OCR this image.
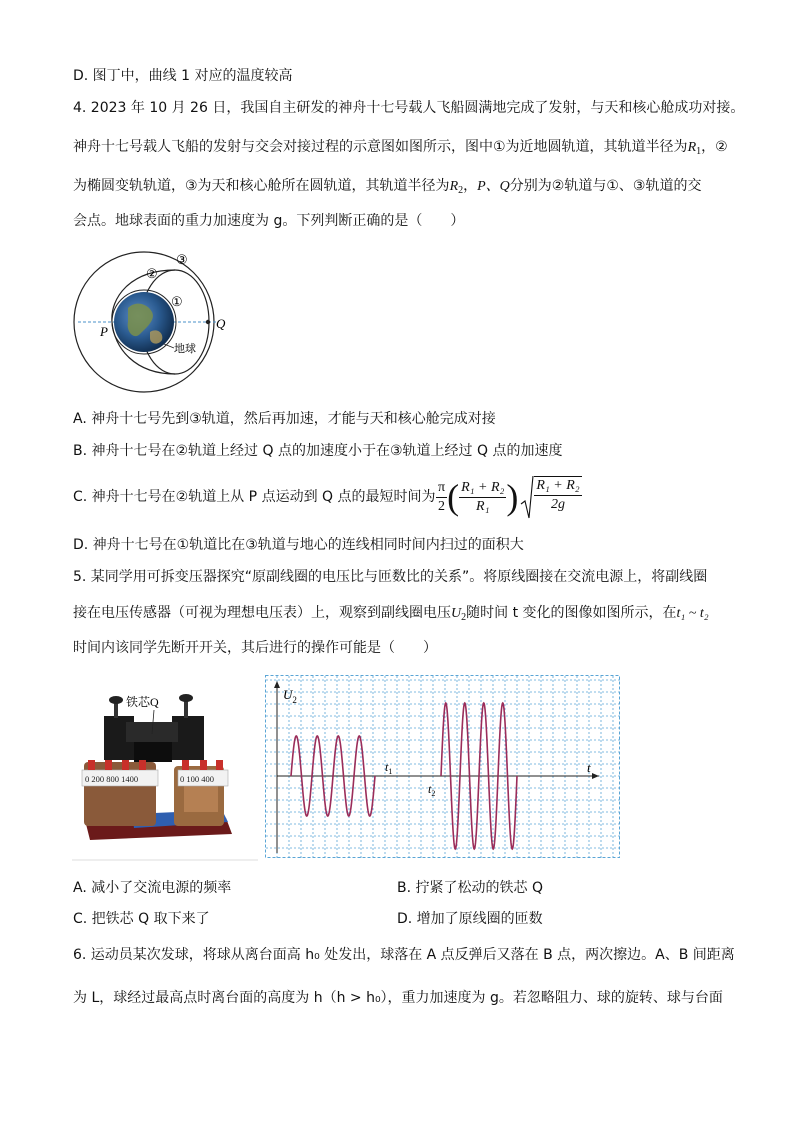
D. 图丁中，曲线 1 对应的温度较高
4. 2023 年 10 月 26 日，我国自主研发的神舟十七号载人飞船圆满地完成了发射，与天和核心舱成功对接。
神舟十七号载人飞船的发射与交会对接过程的示意图如图所示，图中①为近地圆轨道，其轨道半径为$R_1$，②
为椭圆变轨轨道，③为天和核心舱所在圆轨道，其轨道半径为$R_2$，P、Q分别为②轨道与①、③轨道的交
会点。地球表面的重力加速度为 g。下列判断正确的是（　　）
③
②
①
P
Q
地球
A. 神舟十七号先到③轨道，然后再加速，才能与天和核心舱完成对接
B. 神舟十七号在②轨道上经过 Q 点的加速度小于在③轨道上经过 Q 点的加速度
C. 神舟十七号在②轨道上从 P 点运动到 Q 点的最短时间为 $\frac{\pi}{2}$ ( $\frac{\text{R₁ + R₂}}{\text{R₁}}$ ) $\frac{\text{R₁ + R₂}}{2g}$
D. 神舟十七号在①轨道比在③轨道与地心的连线相同时间内扫过的面积大
5. 某同学用可拆变压器探究“原副线圈的电压比与匝数比的关系”。将原线圈接在交流电源上，将副线圈
接在电压传感器（可视为理想电压表）上，观察到副线圈电压$U_2$随时间 t 变化的图像如图所示，在t₁ ~ t₂
时间内该同学先断开开关，其后进行的操作可能是（　　）
0 200 800 1400	0 100 400
铁芯Q	$U_2$
t
$t_1$
$t_2$
A. 减小了交流电源的频率	B. 拧紧了松动的铁芯 Q
C. 把铁芯 Q 取下来了	D. 增加了原线圈的匝数
6. 运动员某次发球，将球从离台面高 h₀ 处发出，球落在 A 点反弹后又落在 B 点，两次擦边。A、B 间距离
为 L，球经过最高点时离台面的高度为 h（h > h₀），重力加速度为 g。若忽略阻力、球的旋转、球与台面
